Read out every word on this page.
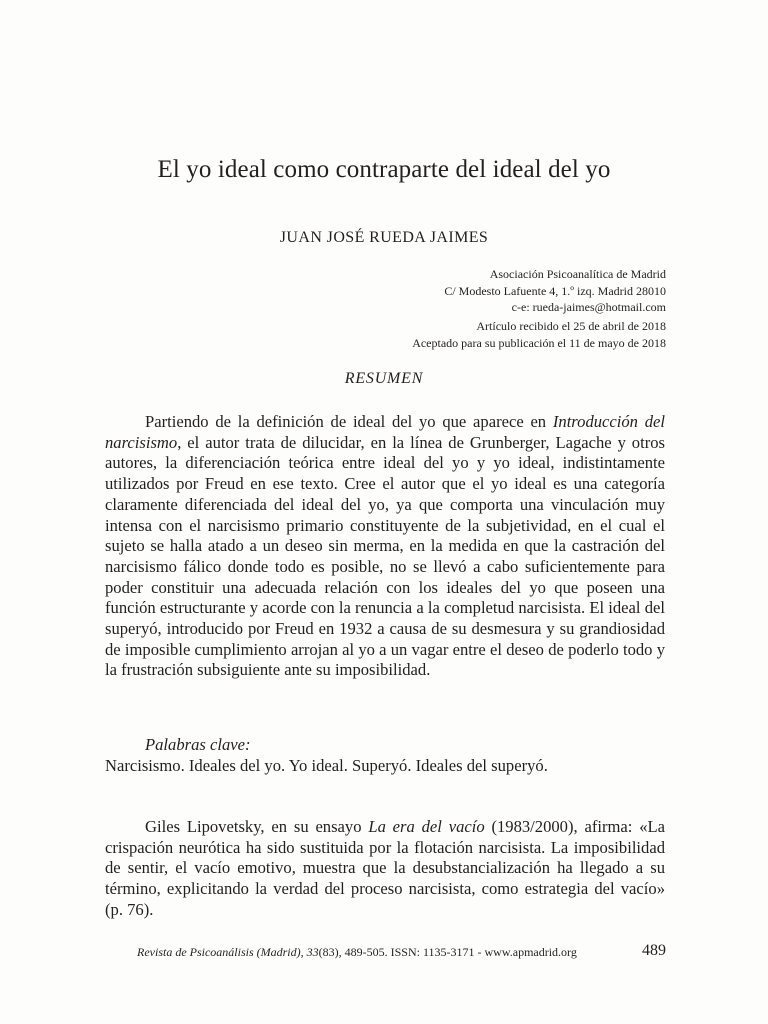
El yo ideal como contraparte del ideal del yo
JUAN JOSÉ RUEDA JAIMES
Asociación Psicoanalítica de Madrid
C/ Modesto Lafuente 4, 1.º izq. Madrid 28010
c-e: rueda-jaimes@hotmail.com
Artículo recibido el 25 de abril de 2018
Aceptado para su publicación el 11 de mayo de 2018
RESUMEN

Partiendo de la definición de ideal del yo que aparece en Introducción del narcisismo, el autor trata de dilucidar, en la línea de Grunberger, Lagache y otros autores, la diferenciación teórica entre ideal del yo y yo ideal, indistintamente utilizados por Freud en ese texto. Cree el autor que el yo ideal es una categoría claramente diferenciada del ideal del yo, ya que comporta una vinculación muy intensa con el narcisismo primario constituyente de la subjetividad, en el cual el sujeto se halla atado a un deseo sin merma, en la medida en que la castración del narcisismo fálico donde todo es posible, no se llevó a cabo suficientemente para poder constituir una adecuada relación con los ideales del yo que poseen una función estructurante y acorde con la renuncia a la completud narcisista. El ideal del superyó, introducido por Freud en 1932 a causa de su desmesura y su grandiosidad de imposible cumplimiento arrojan al yo a un vagar entre el deseo de poderlo todo y la frustración subsiguiente ante su imposibilidad.

Palabras clave:
Narcisismo. Ideales del yo. Yo ideal. Superyó. Ideales del superyó.

Giles Lipovetsky, en su ensayo La era del vacío (1983/2000), afirma: «La crispación neurótica ha sido sustituida por la flotación narcisista. La imposibilidad de sentir, el vacío emotivo, muestra que la desubstancialización ha llegado a su término, explicitando la verdad del proceso narcisista, como estrategia del vacío» (p. 76).

Revista de Psicoanálisis (Madrid), 33(83), 489-505. ISSN: 1135-3171 - www.apmadrid.org	489
